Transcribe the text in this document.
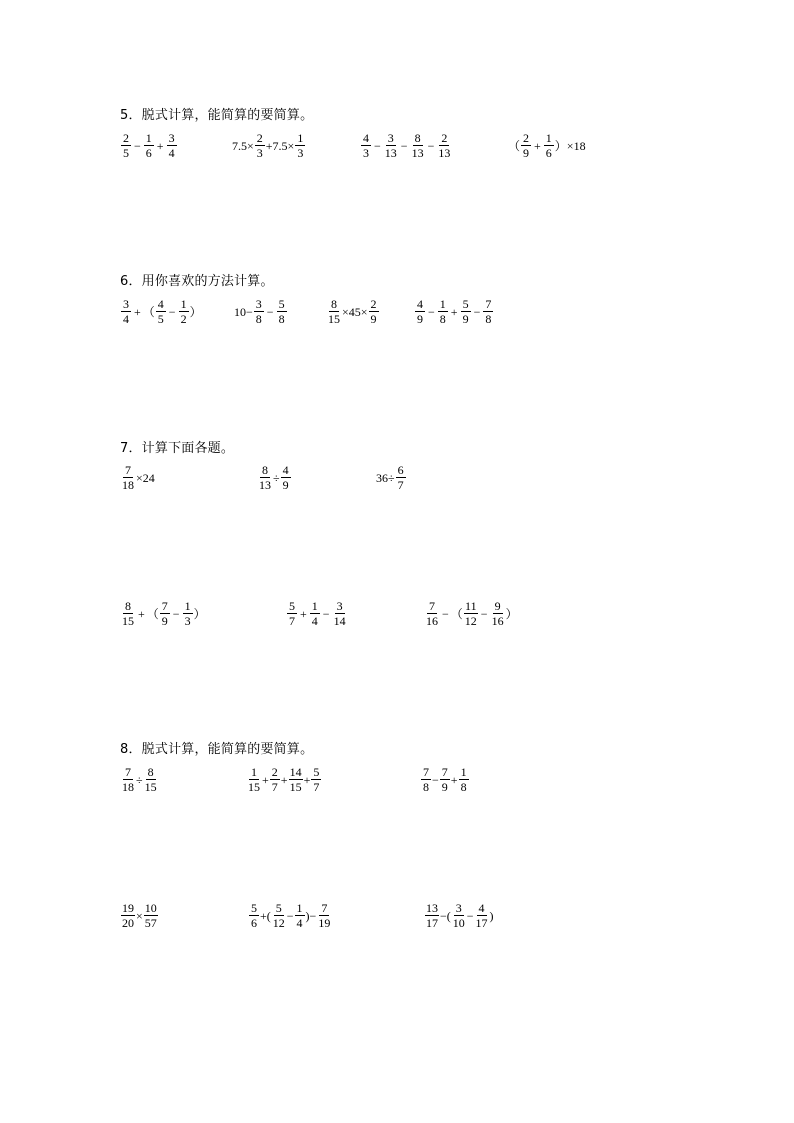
5．脱式计算，能简算的要简算。
$\frac{2}{5} - \frac{1}{6} + \frac{3}{4}$	$7.5\times \frac{2}{3} +7.5\times \frac{1}{3}$	$\frac{4}{3} - \frac{3}{13} - \frac{8}{13} - \frac{2}{13}$	（ $\frac{2}{9} + \frac{1}{6} )\times 18$
6．用你喜欢的方法计算。
$\frac{3}{4}$ + （ $\frac{4}{5} - \frac{1}{2}$ ）	$10- \frac{3}{8} - \frac{5}{8}$	$\frac{8}{15} \times 45\times \frac{2}{9}$	$\frac{4}{9} - \frac{1}{8} + \frac{5}{9} - \frac{7}{8}$
7．计算下面各题。
$\frac{7}{18} \times 24$	$\frac{8}{13} \div \frac{4}{9}$	$36\div \frac{6}{7}$
$\frac{8}{15}$ + （ $\frac{7}{9} - \frac{1}{3}$ ）	$\frac{5}{7} + \frac{1}{4} - \frac{3}{14}$	$\frac{7}{16}$ − （ $\frac{11}{12} - \frac{9}{16}$ ）
8．脱式计算，能简算的要简算。
$\frac{7}{18} \div \frac{8}{15}$	$\frac{1}{15} + \frac{2}{7} + \frac{14}{15} + \frac{5}{7}$	$\frac{7}{8} - \frac{7}{9} + \frac{1}{8}$
$\frac{19}{20} \times \frac{10}{57}$	$\frac{5}{6}$ +( $\frac{5}{12} - \frac{1}{4}$ )− $\frac{7}{19}$	$\frac{13}{17}$ −( $\frac{3}{10} - \frac{4}{17}$ )
